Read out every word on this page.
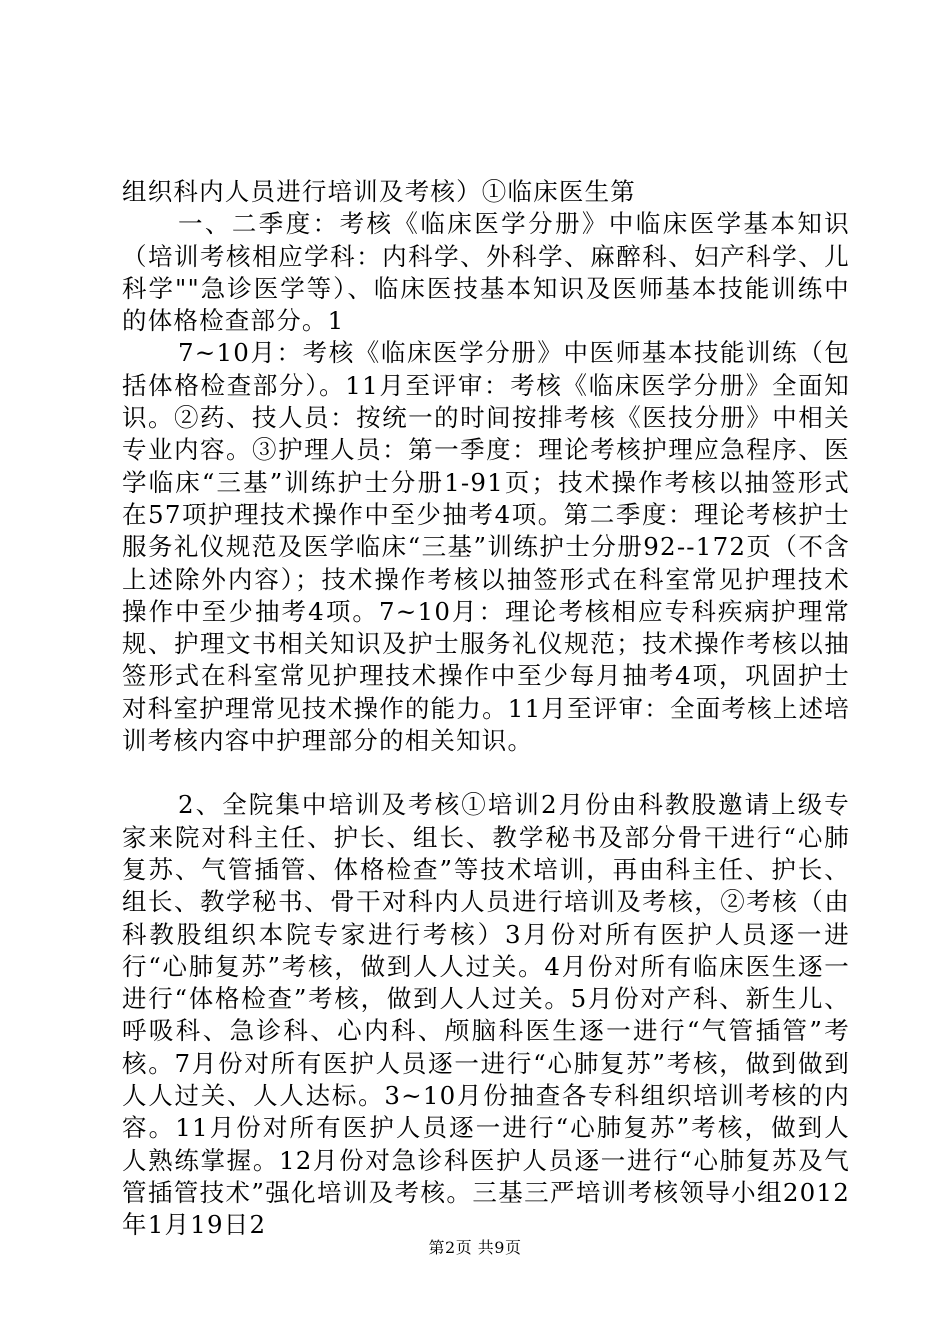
组织科内人员进行培训及考核）①临床医生第

一、二季度：考核《临床医学分册》中临床医学基本知识（培训考核相应学科：内科学、外科学、麻醉科、妇产科学、儿科学""急诊医学等）、临床医技基本知识及医师基本技能训练中的体格检查部分。1

7~10月：考核《临床医学分册》中医师基本技能训练（包括体格检查部分）。11月至评审：考核《临床医学分册》全面知识。②药、技人员：按统一的时间按排考核《医技分册》中相关专业内容。③护理人员：第一季度：理论考核护理应急程序、医学临床“三基”训练护士分册1-91页；技术操作考核以抽签形式在57项护理技术操作中至少抽考4项。第二季度：理论考核护士服务礼仪规范及医学临床“三基”训练护士分册92--172页（不含上述除外内容）；技术操作考核以抽签形式在科室常见护理技术操作中至少抽考4项。7~10月：理论考核相应专科疾病护理常规、护理文书相关知识及护士服务礼仪规范；技术操作考核以抽签形式在科室常见护理技术操作中至少每月抽考4项，巩固护士对科室护理常见技术操作的能力。11月至评审：全面考核上述培训考核内容中护理部分的相关知识。

2、全院集中培训及考核①培训2月份由科教股邀请上级专家来院对科主任、护长、组长、教学秘书及部分骨干进行“心肺复苏、气管插管、体格检查”等技术培训，再由科主任、护长、组长、教学秘书、骨干对科内人员进行培训及考核，②考核（由科教股组织本院专家进行考核）3月份对所有医护人员逐一进行“心肺复苏”考核，做到人人过关。4月份对所有临床医生逐一进行“体格检查”考核，做到人人过关。5月份对产科、新生儿、呼吸科、急诊科、心内科、颅脑科医生逐一进行“气管插管”考核。7月份对所有医护人员逐一进行“心肺复苏”考核，做到做到人人过关、人人达标。3~10月份抽查各专科组织培训考核的内容。11月份对所有医护人员逐一进行“心肺复苏”考核，做到人人熟练掌握。12月份对急诊科医护人员逐一进行“心肺复苏及气管插管技术”强化培训及考核。三基三严培训考核领导小组2012年1月19日2

第2页 共9页
